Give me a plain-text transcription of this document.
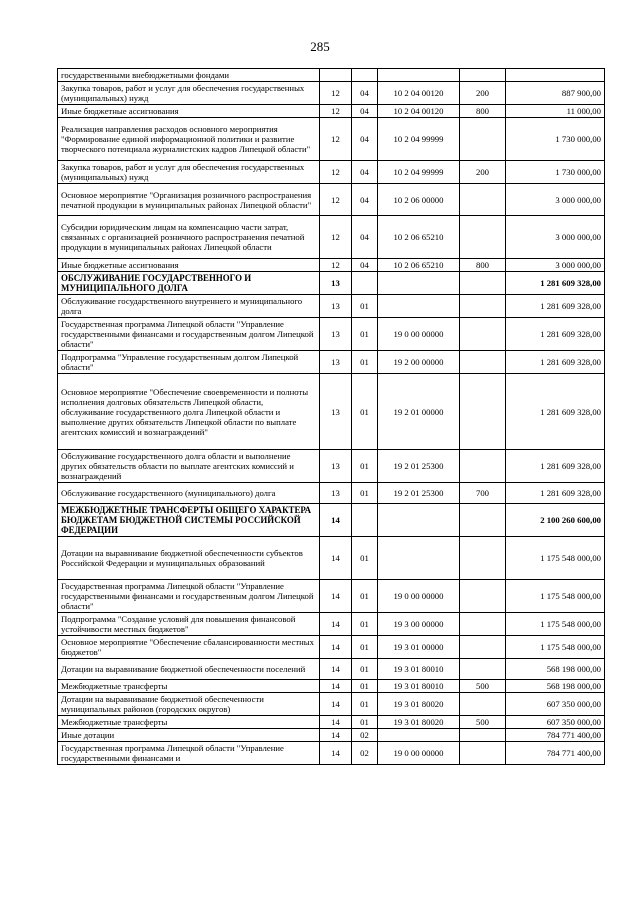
285
государственными внебюджетными фондами					
Закупка товаров, работ и услуг для обеспечения государственных (муниципальных) нужд	12	04	10 2 04 00120	200	887 900,00
Иные бюджетные ассигнования	12	04	10 2 04 00120	800	11 000,00
Реализация направления расходов основного мероприятия "Формирование единой информационной политики и развитие творческого потенциала журналистских кадров Липецкой области"	12	04	10 2 04 99999		1 730 000,00
Закупка товаров, работ и услуг для обеспечения государственных (муниципальных) нужд	12	04	10 2 04 99999	200	1 730 000,00
Основное мероприятие "Организация розничного распространения печатной продукции в муниципальных районах Липецкой области"	12	04	10 2 06 00000		3 000 000,00
Субсидии юридическим лицам на компенсацию части затрат, связанных с организацией розничного распространения печатной продукции в муниципальных районах Липецкой области	12	04	10 2 06 65210		3 000 000,00
Иные бюджетные ассигнования	12	04	10 2 06 65210	800	3 000 000,00
ОБСЛУЖИВАНИЕ ГОСУДАРСТВЕННОГО И МУНИЦИПАЛЬНОГО ДОЛГА	13				1 281 609 328,00
Обслуживание государственного внутреннего и муниципального долга	13	01			1 281 609 328,00
Государственная программа Липецкой области "Управление государственными финансами и государственным долгом Липецкой области"	13	01	19 0 00 00000		1 281 609 328,00
Подпрограмма "Управление государственным долгом Липецкой области"	13	01	19 2 00 00000		1 281 609 328,00
Основное мероприятие "Обеспечение своевременности и полноты исполнения долговых обязательств Липецкой области, обслуживание государственного долга Липецкой области и выполнение других обязательств Липецкой области по выплате агентских комиссий и вознаграждений"	13	01	19 2 01 00000		1 281 609 328,00
Обслуживание государственного долга области и выполнение других обязательств области по выплате агентских комиссий и вознаграждений	13	01	19 2 01 25300		1 281 609 328,00
Обслуживание государственного (муниципального) долга	13	01	19 2 01 25300	700	1 281 609 328,00
МЕЖБЮДЖЕТНЫЕ ТРАНСФЕРТЫ ОБЩЕГО ХАРАКТЕРА БЮДЖЕТАМ БЮДЖЕТНОЙ СИСТЕМЫ РОССИЙСКОЙ ФЕДЕРАЦИИ	14				2 100 260 600,00
Дотации на выравнивание бюджетной обеспеченности субъектов Российской Федерации и муниципальных образований	14	01			1 175 548 000,00
Государственная программа Липецкой области "Управление государственными финансами и государственным долгом Липецкой области"	14	01	19 0 00 00000		1 175 548 000,00
Подпрограмма "Создание условий для повышения финансовой устойчивости местных бюджетов"	14	01	19 3 00 00000		1 175 548 000,00
Основное мероприятие "Обеспечение сбалансированности местных бюджетов"	14	01	19 3 01 00000		1 175 548 000,00
Дотации на выравнивание бюджетной обеспеченности поселений	14	01	19 3 01 80010		568 198 000,00
Межбюджетные трансферты	14	01	19 3 01 80010	500	568 198 000,00
Дотации на выравнивание бюджетной обеспеченности муниципальных районов (городских округов)	14	01	19 3 01 80020		607 350 000,00
Межбюджетные трансферты	14	01	19 3 01 80020	500	607 350 000,00
Иные дотации	14	02			784 771 400,00
Государственная программа Липецкой области "Управление государственными финансами и	14	02	19 0 00 00000		784 771 400,00
